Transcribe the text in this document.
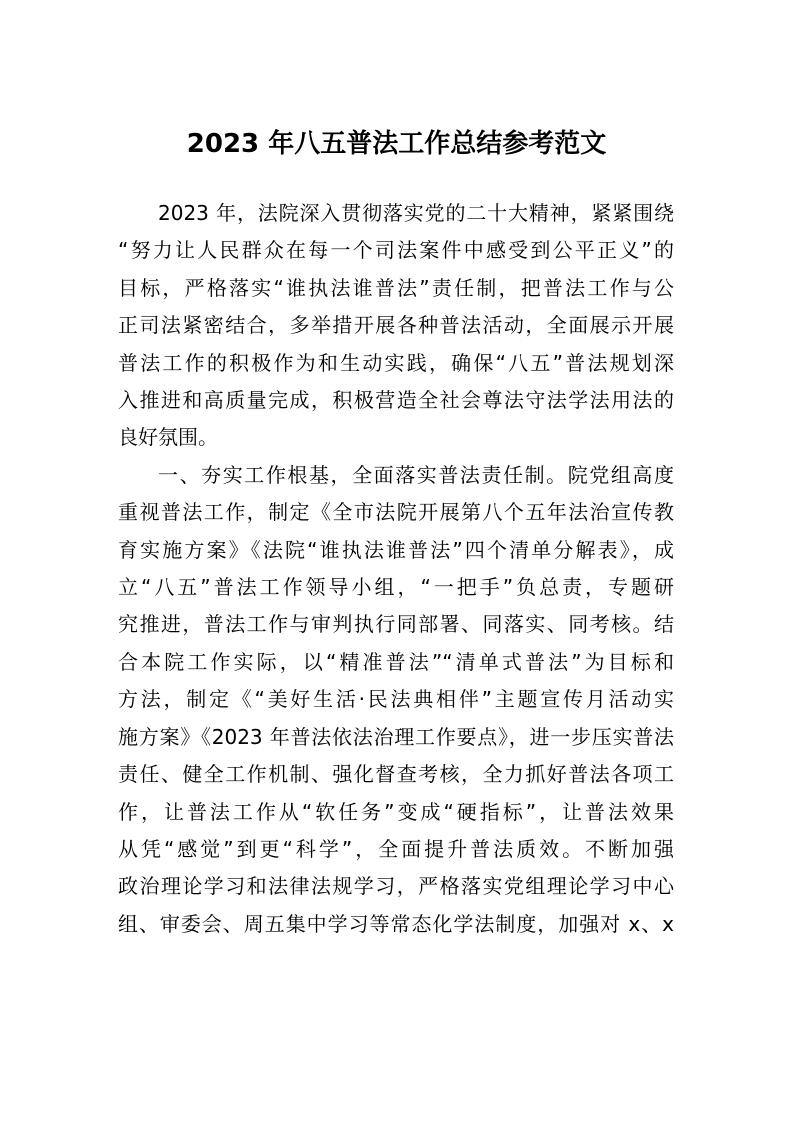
2023 年八五普法工作总结参考范文
2023 年，法院深入贯彻落实党的二十大精神，紧紧围绕
“努力让人民群众在每一个司法案件中感受到公平正义”的
目标，严格落实“谁执法谁普法”责任制，把普法工作与公
正司法紧密结合，多举措开展各种普法活动，全面展示开展
普法工作的积极作为和生动实践，确保“八五”普法规划深
入推进和高质量完成，积极营造全社会尊法守法学法用法的
良好氛围。
一、夯实工作根基，全面落实普法责任制。院党组高度
重视普法工作，制定《全市法院开展第八个五年法治宣传教
育实施方案》《法院“谁执法谁普法”四个清单分解表》，成
立“八五”普法工作领导小组，“一把手”负总责，专题研
究推进，普法工作与审判执行同部署、同落实、同考核。结
合本院工作实际，以“精准普法”“清单式普法”为目标和
方法，制定《“美好生活·民法典相伴”主题宣传月活动实
施方案》《2023 年普法依法治理工作要点》，进一步压实普法
责任、健全工作机制、强化督查考核，全力抓好普法各项工
作，让普法工作从“软任务”变成“硬指标”，让普法效果
从凭“感觉”到更“科学”，全面提升普法质效。不断加强
政治理论学习和法律法规学习，严格落实党组理论学习中心
组、审委会、周五集中学习等常态化学法制度，加强对 x、x
